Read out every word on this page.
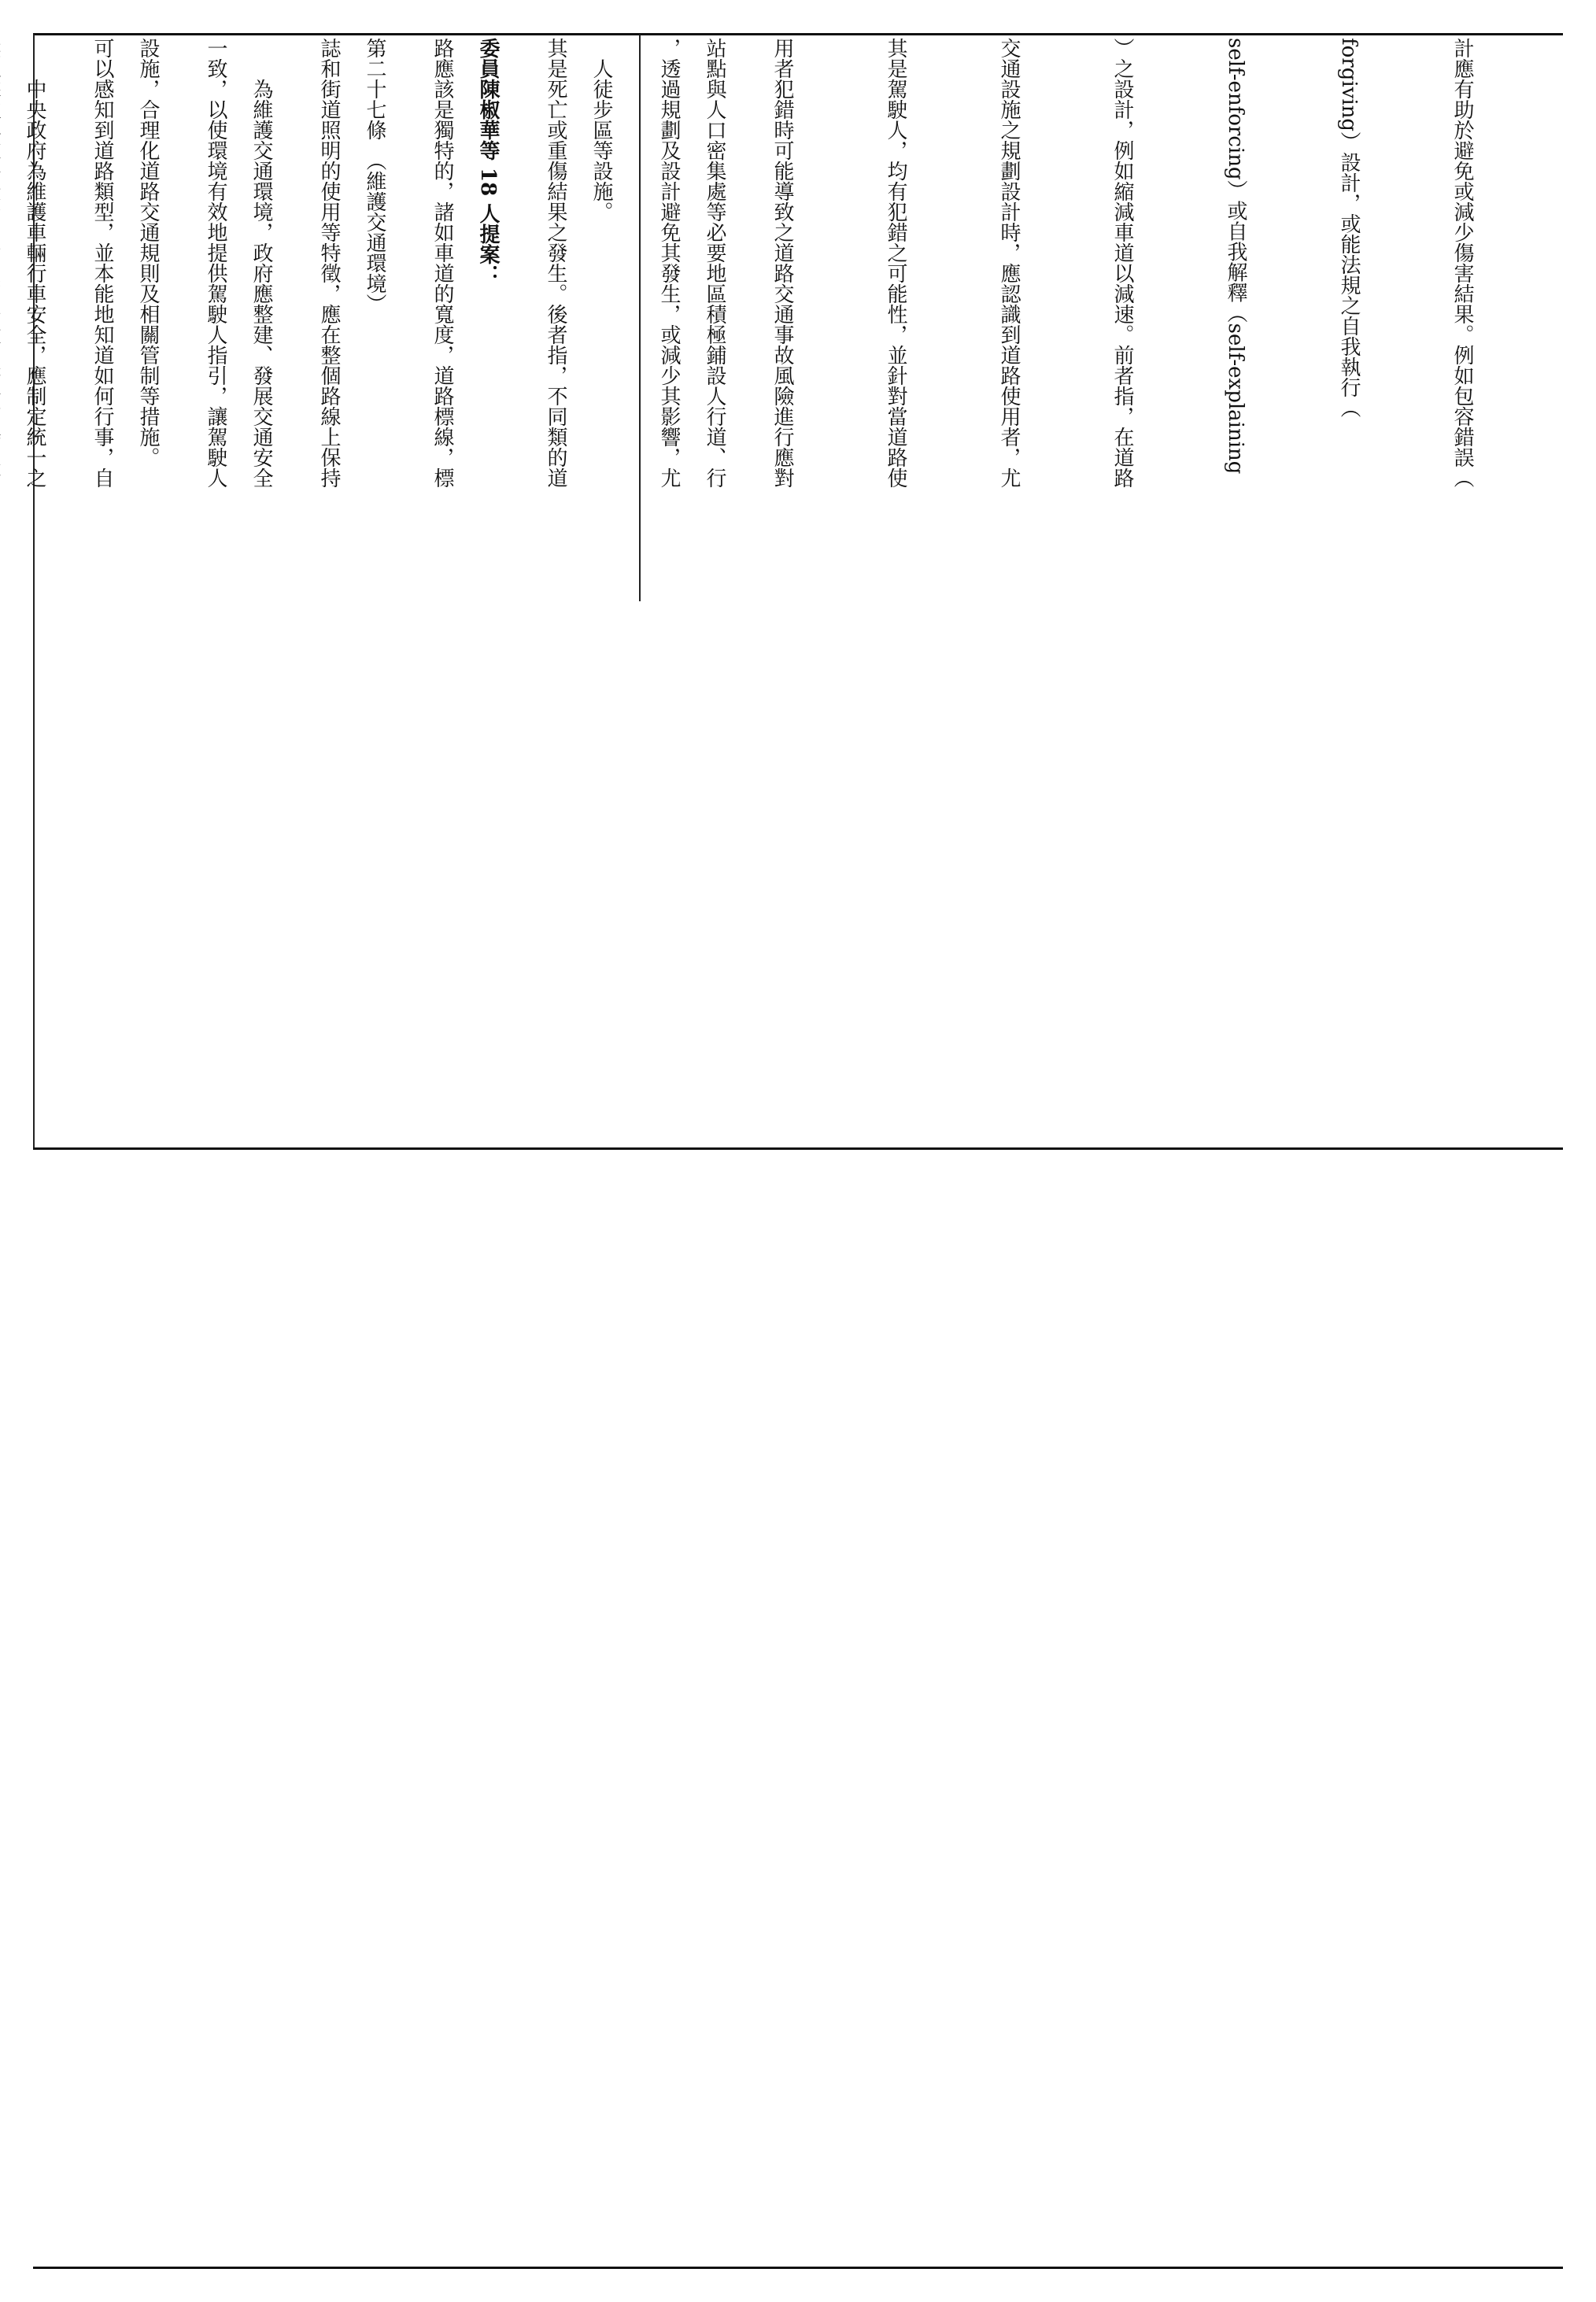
計應有助於避免或減少傷害結果。例如包容錯誤（

forgiving）設計，或能法規之自我執行（

self-enforcing）或自我解釋（self-explaining

）之設計，例如縮減車道以減速。前者指，在道路

交通設施之規劃設計時，應認識到道路使用者，尤

其是駕駛人，均有犯錯之可能性，並針對當道路使

用者犯錯時可能導致之道路交通事故風險進行應對

，透過規劃及設計避免其發生，或減少其影響，尤

其是死亡或重傷結果之發生。後者指，不同類的道

路應該是獨特的，諸如車道的寬度，道路標線，標

誌和街道照明的使用等特徵，應在整個路線上保持

一致，以使環境有效地提供駕駛人指引，讓駕駛人

可以感知到道路類型，並本能地知道如何行事，自

	站點與人口密集處等必要地區積極鋪設人行道、行

人徒步區等設施。

委員陳椒華等 18 人提案：

第二十七條　（維護交通環境）

為維護交通環境，政府應整建、發展交通安全

設施，合理化道路交通規則及相關管制等措施。

中央政府為維護車輛行車安全，應制定統一之
